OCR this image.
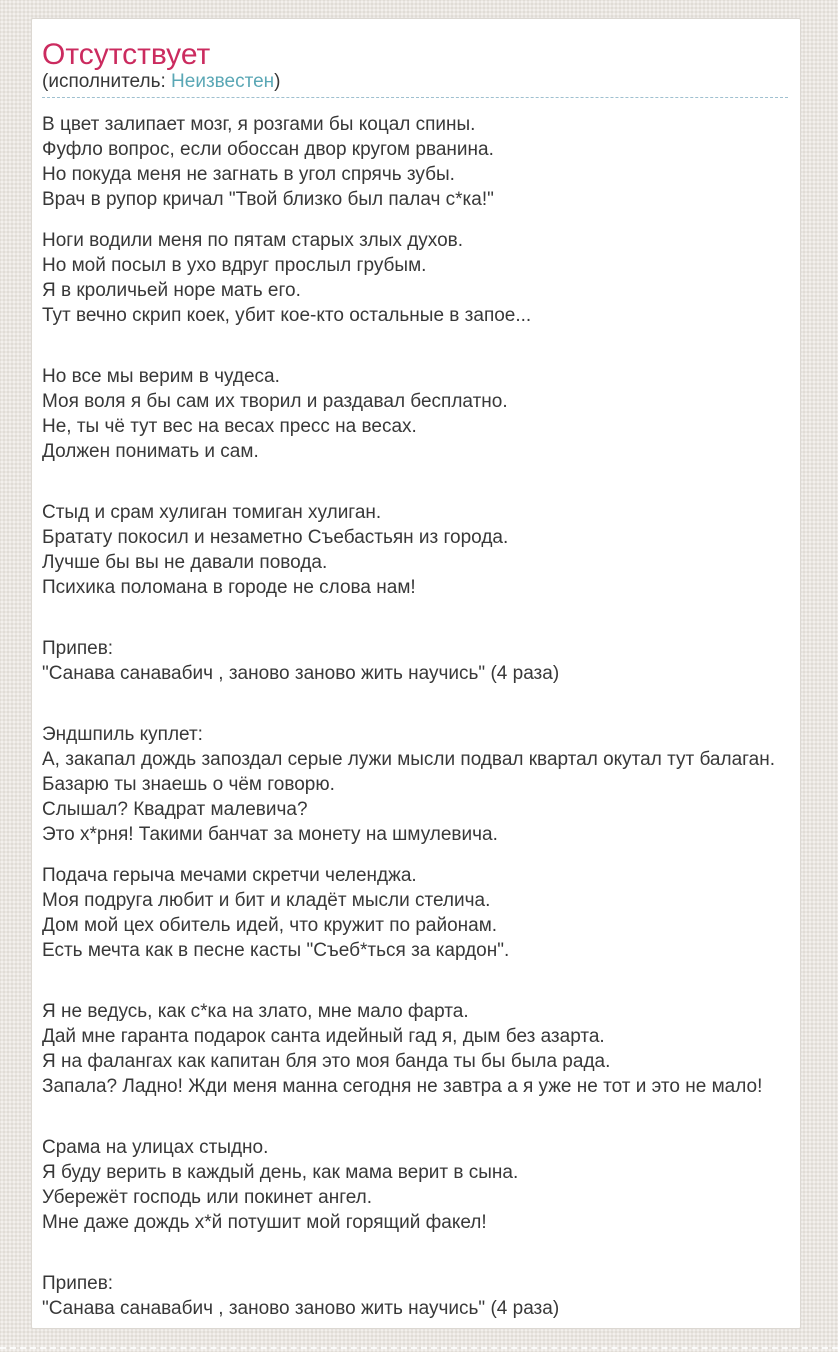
Отсутствует
(исполнитель: Неизвестен)
В цвет залипает мозг, я розгами бы коцал спины.
Фуфло вопрос, если обоссан двор кругом рванина.
Но покуда меня не загнать в угол спрячь зубы.
Врач в рупор кричал "Твой близко был палач с*ка!"
Ноги водили меня по пятам старых злых духов.
Но мой посыл в ухо вдруг прослыл грубым.
Я в кроличьей норе мать его.
Тут вечно скрип коек, убит кое-кто остальные в запое...
Но все мы верим в чудеса.
Моя воля я бы сам их творил и раздавал бесплатно.
Не, ты чё тут вес на весах пресс на весах.
Должен понимать и сам.
Стыд и срам хулиган томиган хулиган.
Братату покосил и незаметно Съебастьян из города.
Лучше бы вы не давали повода.
Психика поломана в городе не слова нам!
Припев:
"Санава санавабич , заново заново жить научись" (4 раза)
Эндшпиль куплет:
А, закапал дождь запоздал серые лужи мысли подвал квартал окутал тут балаган.
Базарю ты знаешь о чём говорю.
Слышал? Квадрат малевича?
Это х*рня! Такими банчат за монету на шмулевича.
Подача герыча мечами скретчи челенджа.
Моя подруга любит и бит и кладёт мысли стелича.
Дом мой цех обитель идей, что кружит по районам.
Есть мечта как в песне касты "Съеб*ться за кардон".
Я не ведусь, как с*ка на злато, мне мало фарта.
Дай мне гаранта подарок санта идейный гад я, дым без азарта.
Я на фалангах как капитан бля это моя банда ты бы была рада.
Запала? Ладно! Жди меня манна сегодня не завтра а я уже не тот и это не мало!
Срама на улицах стыдно.
Я буду верить в каждый день, как мама верит в сына.
Убережёт господь или покинет ангел.
Мне даже дождь х*й потушит мой горящий факел!
Припев:
"Санава санавабич , заново заново жить научись" (4 раза)
